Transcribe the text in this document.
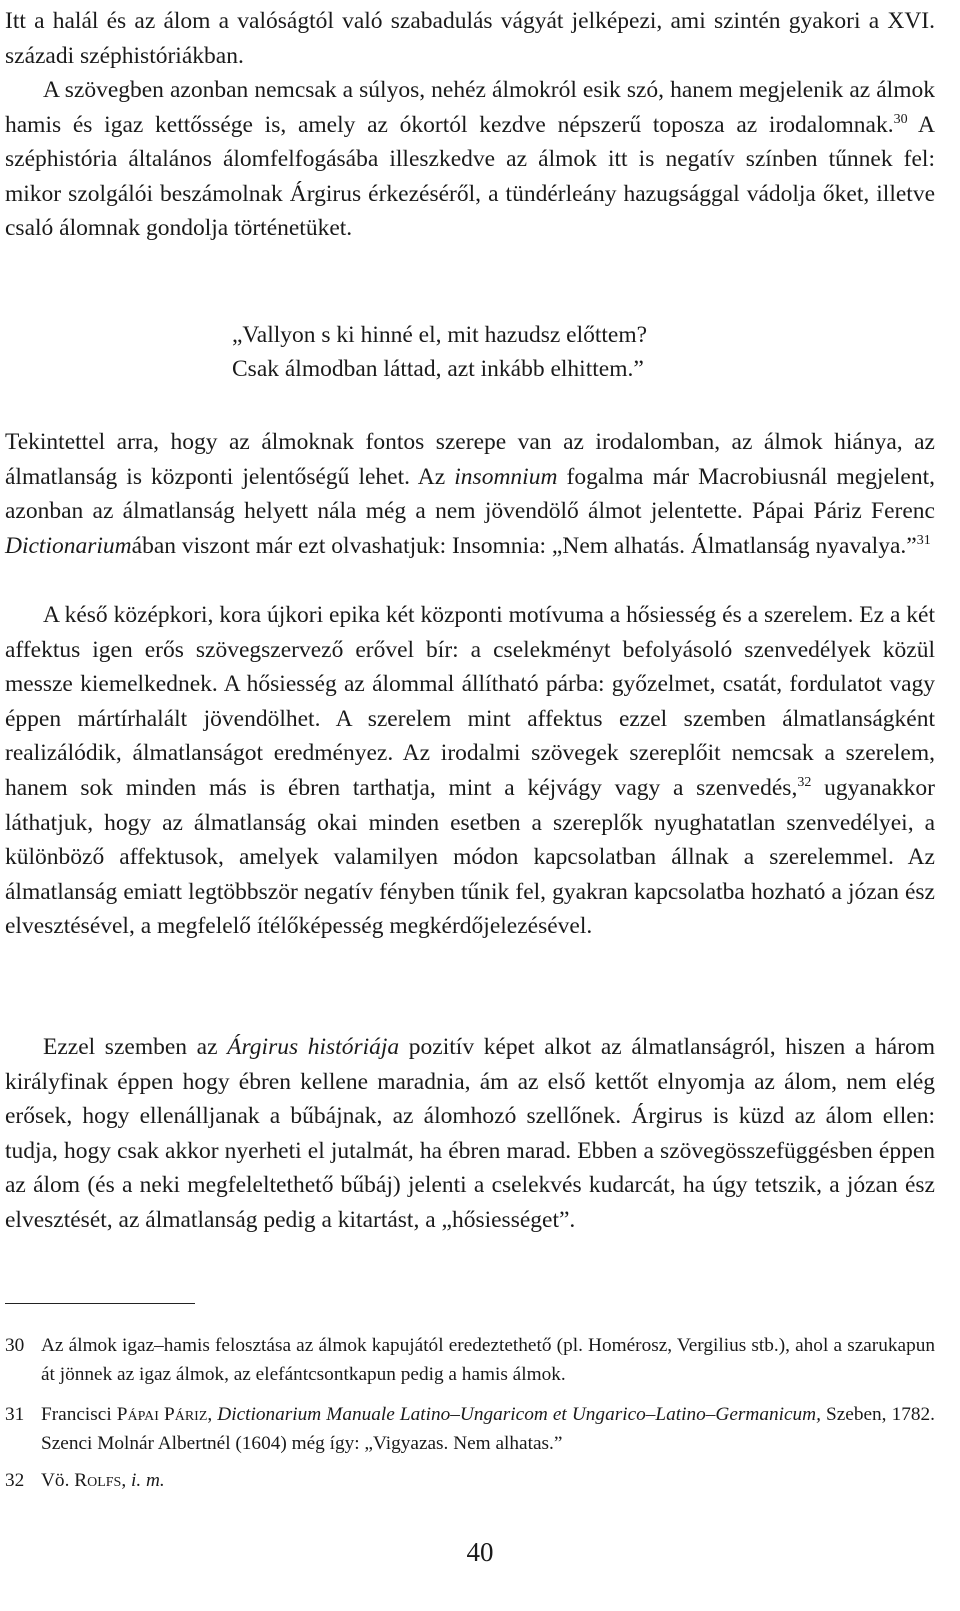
Itt a halál és az álom a valóságtól való szabadulás vágyát jelképezi, ami szintén gyakori a XVI. századi széphistóriákban.

A szövegben azonban nemcsak a súlyos, nehéz álmokról esik szó, hanem megjelenik az álmok hamis és igaz kettőssége is, amely az ókortól kezdve népszerű toposza az irodalomnak.$^{30}$ A széphistória általános álomfelfogásába illeszkedve az álmok itt is negatív színben tűnnek fel: mikor szolgálói beszámolnak Árgirus érkezéséről, a tündérleány hazugsággal vádolja őket, illetve csaló álomnak gondolja történetüket.

„Vallyon s ki hinné el, mit hazudsz előttem?
Csak álmodban láttad, azt inkább elhittem.”

Tekintettel arra, hogy az álmoknak fontos szerepe van az irodalomban, az álmok hiánya, az álmatlanság is központi jelentőségű lehet. Az insomnium fogalma már Macrobiusnál megjelent, azonban az álmatlanság helyett nála még a nem jövendölő álmot jelentette. Pápai Páriz Ferenc Dictionariumában viszont már ezt olvashatjuk: Insomnia: „Nem alhatás. Álmatlanság nyavalya.”$^{31}$

A késő középkori, kora újkori epika két központi motívuma a hősiesség és a szerelem. Ez a két affektus igen erős szövegszervező erővel bír: a cselekményt befolyásoló szenvedélyek közül messze kiemelkednek. A hősiesség az álommal állítható párba: győzelmet, csatát, fordulatot vagy éppen mártírhalált jövendölhet. A szerelem mint affektus ezzel szemben álmatlanságként realizálódik, álmatlanságot eredményez. Az irodalmi szövegek szereplőit nemcsak a szerelem, hanem sok minden más is ébren tarthatja, mint a kéjvágy vagy a szenvedés,$^{32}$ ugyanakkor láthatjuk, hogy az álmatlanság okai minden esetben a szereplők nyughatatlan szenvedélyei, a különböző affektusok, amelyek valamilyen módon kapcsolatban állnak a szerelemmel. Az álmatlanság emiatt legtöbbször negatív fényben tűnik fel, gyakran kapcsolatba hozható a józan ész elvesztésével, a megfelelő ítélőképesség megkérdőjelezésével.

Ezzel szemben az Árgirus históriája pozitív képet alkot az álmatlanságról, hiszen a három királyfinak éppen hogy ébren kellene maradnia, ám az első kettőt elnyomja az álom, nem elég erősek, hogy ellenálljanak a bűbájnak, az álomhozó szellőnek. Árgirus is küzd az álom ellen: tudja, hogy csak akkor nyerheti el jutalmát, ha ébren marad. Ebben a szövegösszefüggésben éppen az álom (és a neki megfeleltethető bűbáj) jelenti a cselekvés kudarcát, ha úgy tetszik, a józan ész elvesztését, az álmatlanság pedig a kitartást, a „hősiességet”.

30 Az álmok igaz–hamis felosztása az álmok kapujától eredeztethető (pl. Homérosz, Vergilius stb.), ahol a szarukapun át jönnek az igaz álmok, az elefántcsontkapun pedig a hamis álmok.
31 Francisci Pápai Páriz, Dictionarium Manuale Latino–Ungaricom et Ungarico–Latino–Germanicum, Szeben, 1782. Szenci Molnár Albertnél (1604) még így: „Vigyazas. Nem alhatas.”
32 Vö. Rolfs, i. m.
40
